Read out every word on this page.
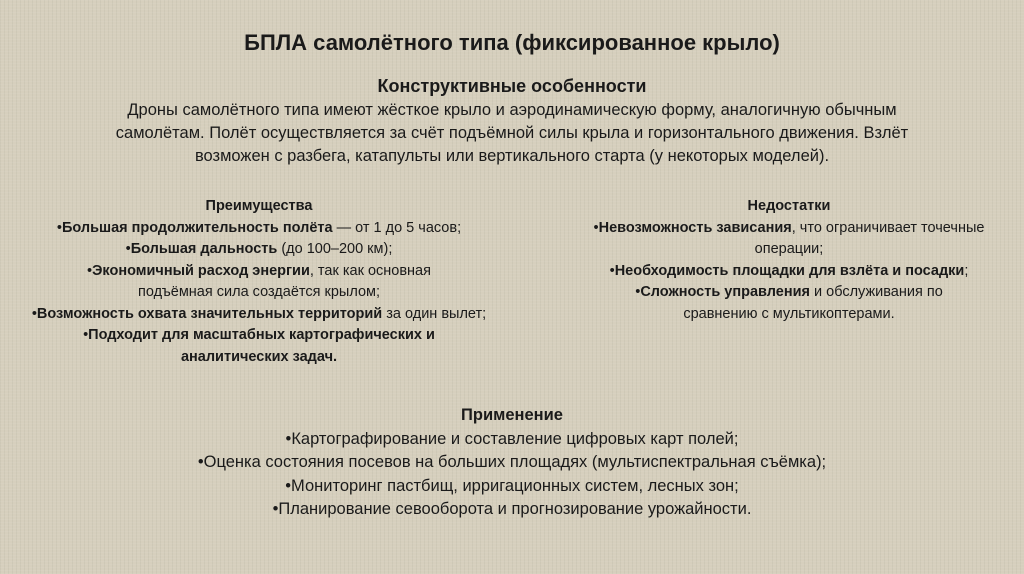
БПЛА самолётного типа (фиксированное крыло)
Конструктивные особенности
Дроны самолётного типа имеют жёсткое крыло и аэродинамическую форму, аналогичную обычным самолётам. Полёт осуществляется за счёт подъёмной силы крыла и горизонтального движения. Взлёт возможен с разбега, катапульты или вертикального старта (у некоторых моделей).
Преимущества
•Большая продолжительность полёта — от 1 до 5 часов;
•Большая дальность (до 100–200 км);
•Экономичный расход энергии, так как основная подъёмная сила создаётся крылом;
•Возможность охвата значительных территорий за один вылет;
•Подходит для масштабных картографических и аналитических задач.
Недостатки
•Невозможность зависания, что ограничивает точечные операции;
•Необходимость площадки для взлёта и посадки;
•Сложность управления и обслуживания по сравнению с мультикоптерами.
Применение
•Картографирование и составление цифровых карт полей;
•Оценка состояния посевов на больших площадях (мультиспектральная съёмка);
•Мониторинг пастбищ, ирригационных систем, лесных зон;
•Планирование севооборота и прогнозирование урожайности.
